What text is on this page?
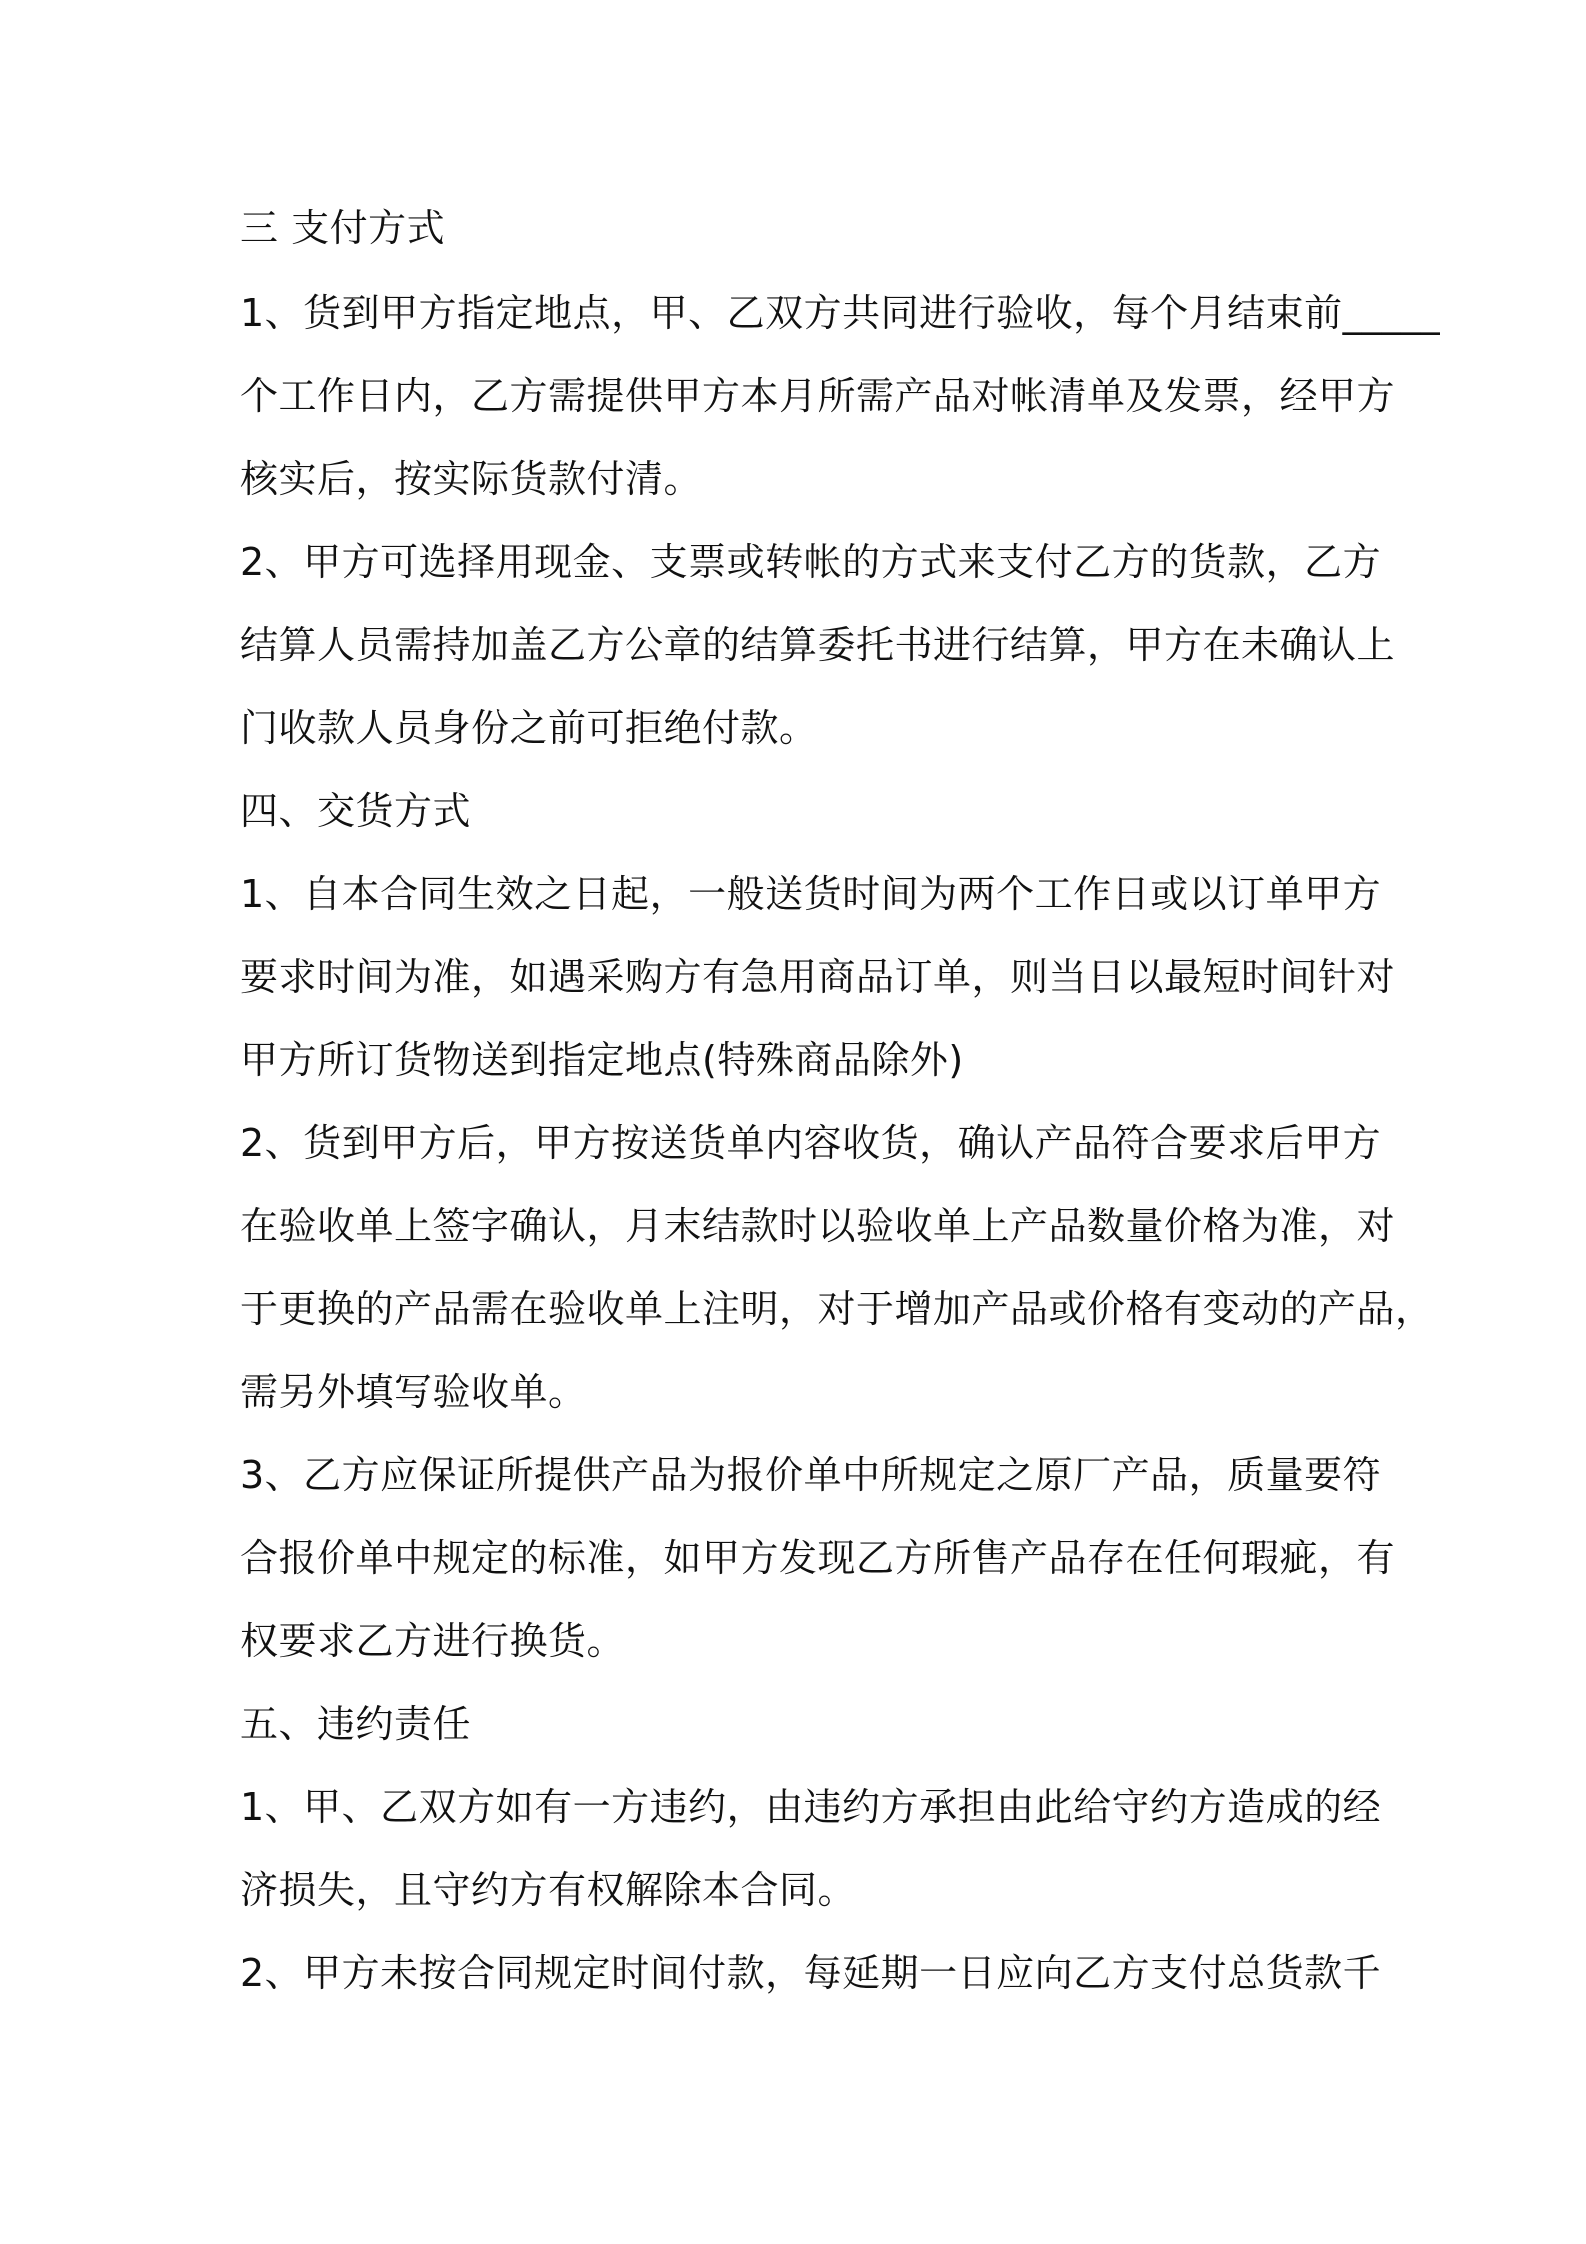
三 支付方式

1、货到甲方指定地点，甲、乙双方共同进行验收，每个月结束前_____

个工作日内，乙方需提供甲方本月所需产品对帐清单及发票，经甲方

核实后，按实际货款付清。

2、甲方可选择用现金、支票或转帐的方式来支付乙方的货款，乙方

结算人员需持加盖乙方公章的结算委托书进行结算，甲方在未确认上

门收款人员身份之前可拒绝付款。

四、交货方式

1、自本合同生效之日起，一般送货时间为两个工作日或以订单甲方

要求时间为准，如遇采购方有急用商品订单，则当日以最短时间针对

甲方所订货物送到指定地点(特殊商品除外)

2、货到甲方后，甲方按送货单内容收货，确认产品符合要求后甲方

在验收单上签字确认，月末结款时以验收单上产品数量价格为准，对

于更换的产品需在验收单上注明，对于增加产品或价格有变动的产品，

需另外填写验收单。

3、乙方应保证所提供产品为报价单中所规定之原厂产品，质量要符

合报价单中规定的标准，如甲方发现乙方所售产品存在任何瑕疵，有

权要求乙方进行换货。

五、违约责任

1、甲、乙双方如有一方违约，由违约方承担由此给守约方造成的经

济损失，且守约方有权解除本合同。

2、甲方未按合同规定时间付款，每延期一日应向乙方支付总货款千
